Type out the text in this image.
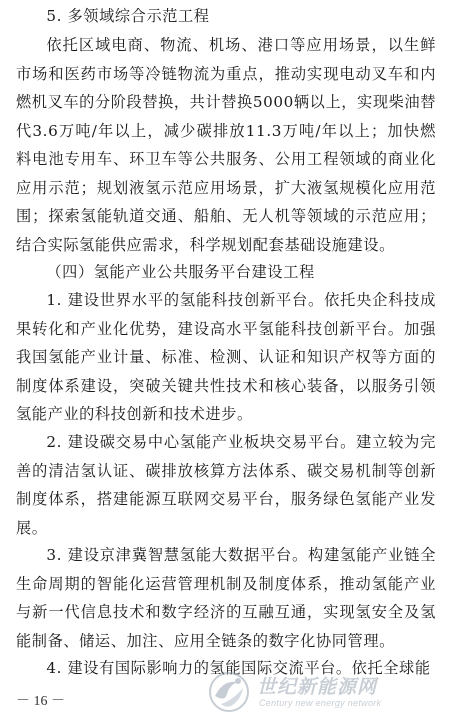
5. 多领域综合示范工程

依托区域电商、物流、机场、港口等应用场景，以生鲜市场和医药市场等冷链物流为重点，推动实现电动叉车和内燃机叉车的分阶段替换，共计替换5000辆以上，实现柴油替代3.6万吨/年以上，减少碳排放11.3万吨/年以上；加快燃料电池专用车、环卫车等公共服务、公用工程领域的商业化应用示范；规划液氢示范应用场景，扩大液氢规模化应用范围；探索氢能轨道交通、船舶、无人机等领域的示范应用；结合实际氢能供应需求，科学规划配套基础设施建设。

（四）氢能产业公共服务平台建设工程

1. 建设世界水平的氢能科技创新平台。依托央企科技成果转化和产业化优势，建设高水平氢能科技创新平台。加强我国氢能产业计量、标准、检测、认证和知识产权等方面的制度体系建设，突破关键共性技术和核心装备，以服务引领氢能产业的科技创新和技术进步。

2. 建设碳交易中心氢能产业板块交易平台。建立较为完善的清洁氢认证、碳排放核算方法体系、碳交易机制等创新制度体系，搭建能源互联网交易平台，服务绿色氢能产业发展。

3. 建设京津冀智慧氢能大数据平台。构建氢能产业链全生命周期的智能化运营管理机制及制度体系，推动氢能产业与新一代信息技术和数字经济的互融互通，实现氢安全及氢能制备、储运、加注、应用全链条的数字化协同管理。

4. 建设有国际影响力的氢能国际交流平台。依托全球能

－ 16 －
世纪新能源网
Century new energy network
